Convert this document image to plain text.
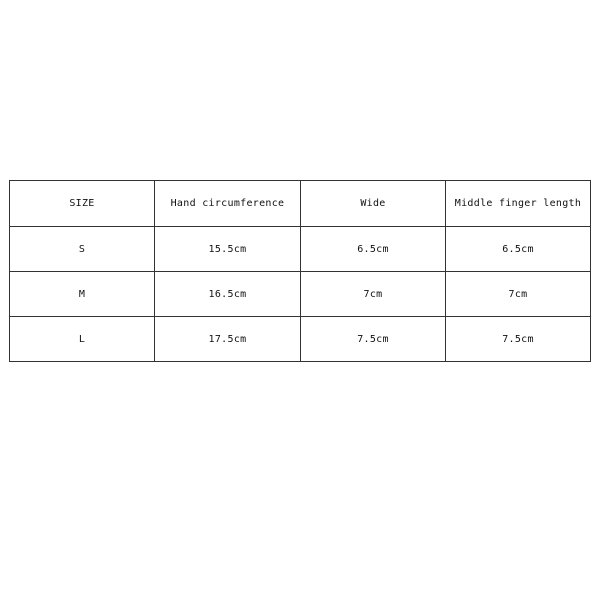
SIZE	Hand circumference	Wide	Middle finger length
S	15.5cm	6.5cm	6.5cm
M	16.5cm	7cm	7cm
L	17.5cm	7.5cm	7.5cm
